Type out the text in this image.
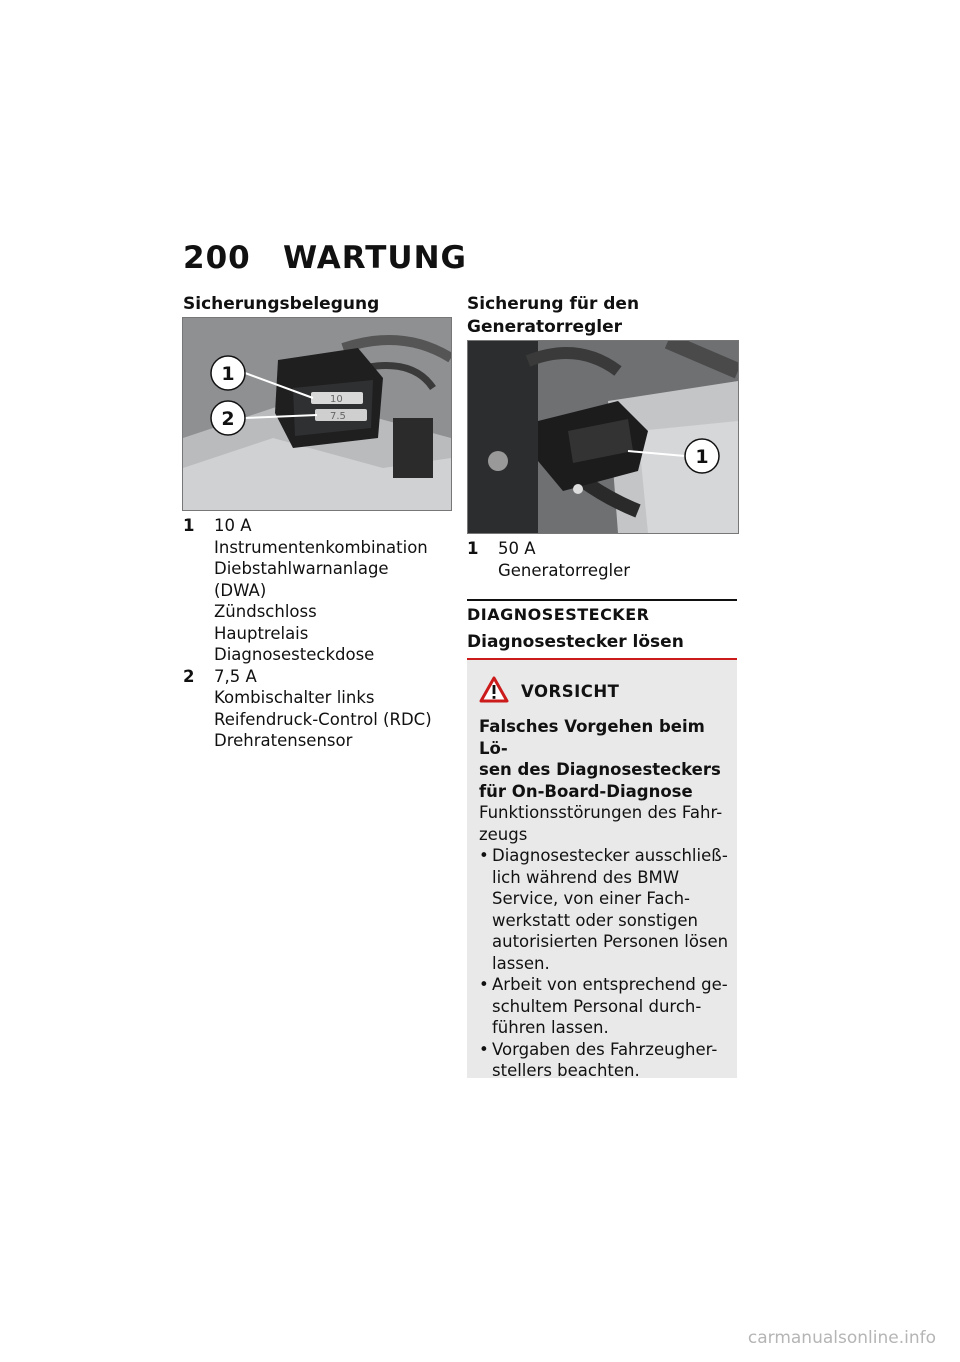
200 WARTUNG
Sicherungsbelegung
10
7.5
1
2
1 10 A
Instrumentenkombination
Diebstahlwarnanlage
(DWA)
Zündschloss
Hauptrelais
Diagnosesteckdose
2 7,5 A
Kombischalter links
Reifendruck-Control (RDC)
Drehratensensor
Sicherung für den
Generatorregler
1
1 50 A
Generatorregler
DIAGNOSESTECKER
Diagnosestecker lösen
VORSICHT
Falsches Vorgehen beim Lö-
sen des Diagnosesteckers
für On-Board-Diagnose
Funktionsstörungen des Fahr-
zeugs
• Diagnosestecker ausschließ-
lich während des BMW
Service, von einer Fach-
werkstatt oder sonstigen
autorisierten Personen lösen
lassen.
• Arbeit von entsprechend ge-
schultem Personal durch-
führen lassen.
• Vorgaben des Fahrzeugher-
stellers beachten.
carmanualsonline.info
